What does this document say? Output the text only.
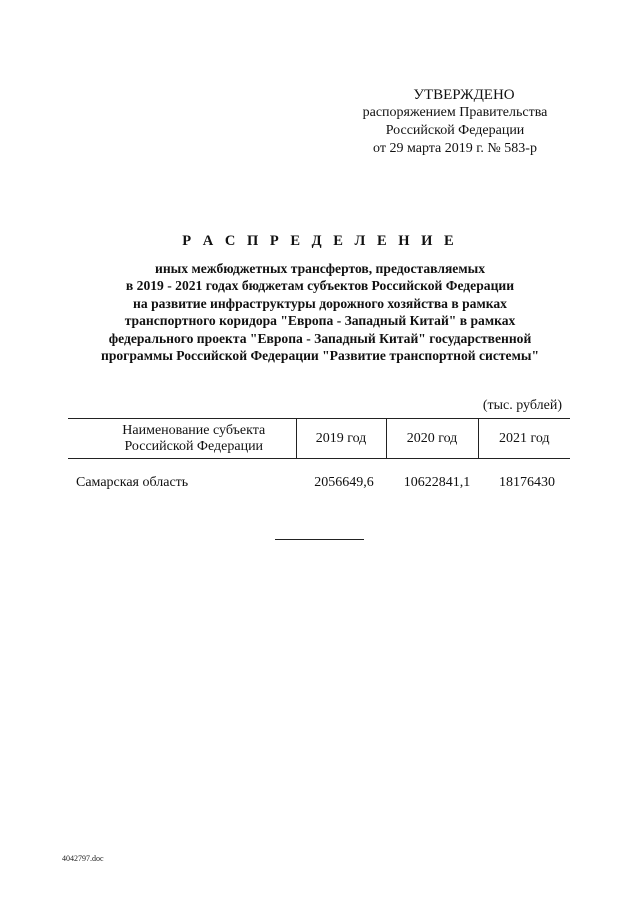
УТВЕРЖДЕНО
распоряжением Правительства
Российской Федерации
от 29 марта 2019 г. № 583-р
Р А С П Р Е Д Е Л Е Н И Е
иных межбюджетных трансфертов, предоставляемых
в 2019 - 2021 годах бюджетам субъектов Российской Федерации
на развитие инфраструктуры дорожного хозяйства в рамках
транспортного коридора "Европа - Западный Китай" в рамках
федерального проекта "Европа - Западный Китай" государственной
программы Российской Федерации "Развитие транспортной системы"
(тыс. рублей)
Наименование субъекта
Российской Федерации	2019 год	2020 год	2021 год
Самарская область	2056649,6	10622841,1	18176430
4042797.doc
